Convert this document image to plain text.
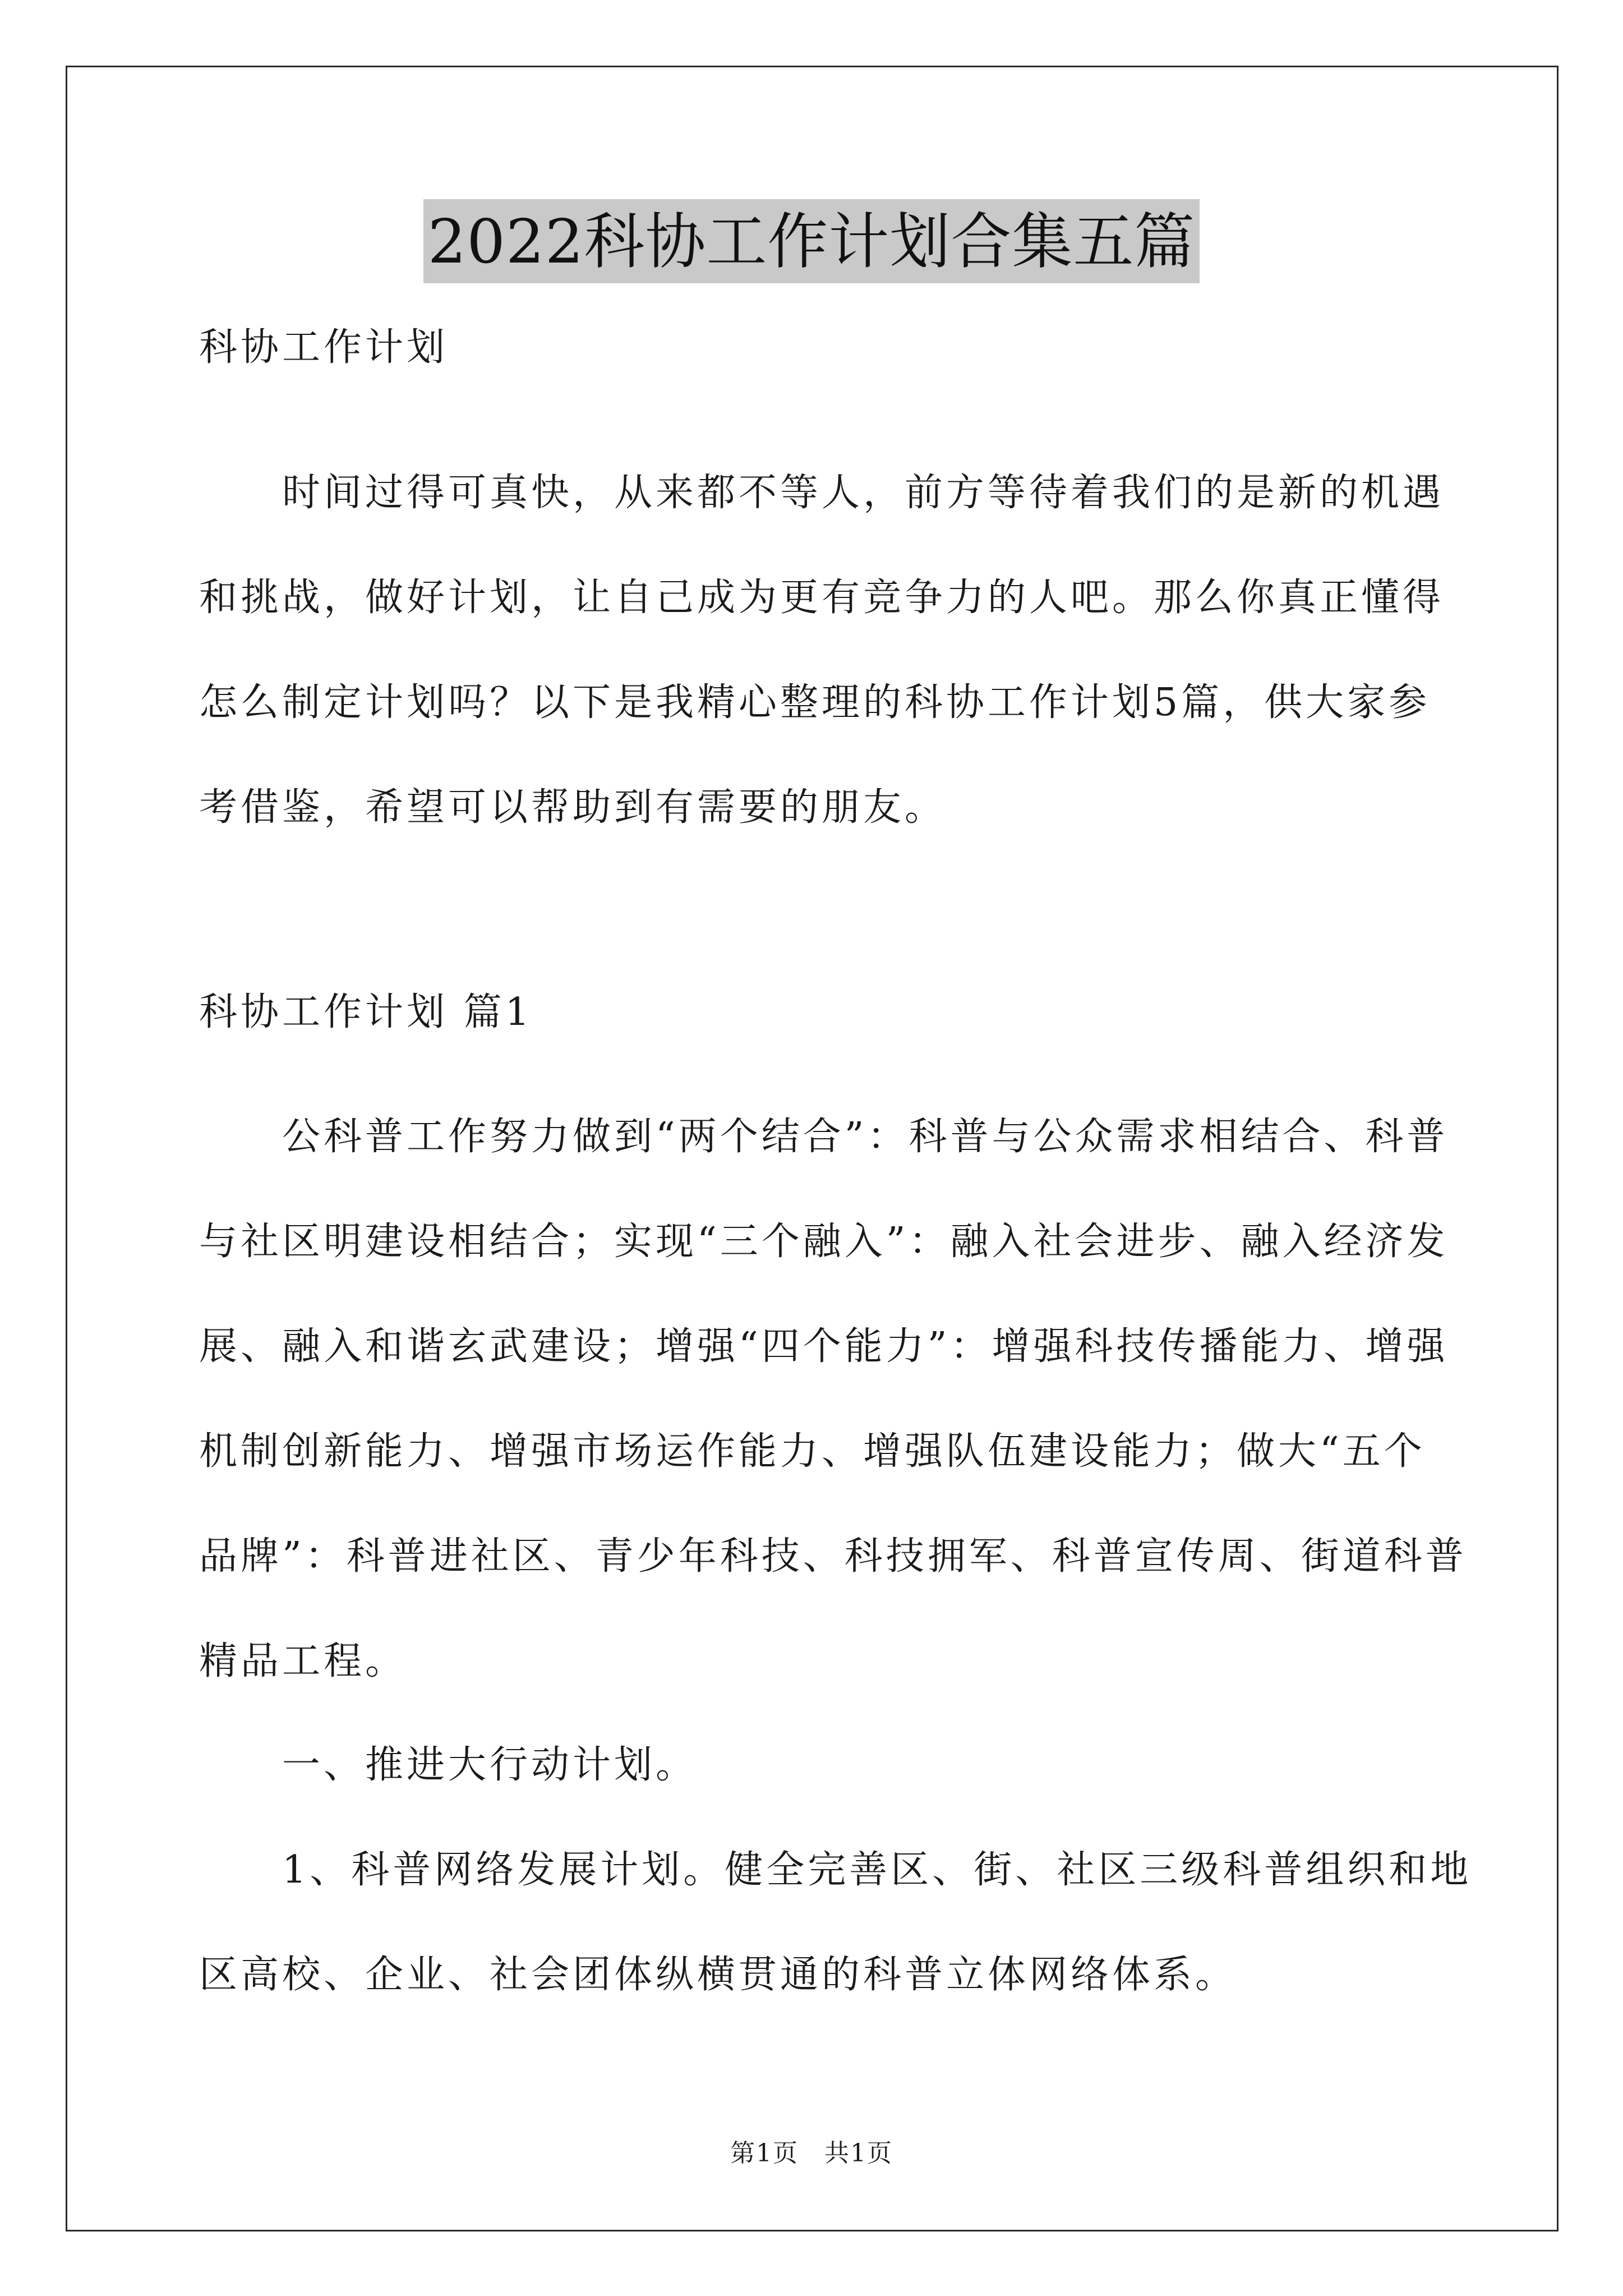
2022科协工作计划合集五篇
科协工作计划
时间过得可真快，从来都不等人，前方等待着我们的是新的机遇
和挑战，做好计划，让自己成为更有竞争力的人吧。那么你真正懂得
怎么制定计划吗？以下是我精心整理的科协工作计划5篇，供大家参
考借鉴，希望可以帮助到有需要的朋友。
科协工作计划 篇1
公科普工作努力做到“两个结合”：科普与公众需求相结合、科普
与社区明建设相结合；实现“三个融入”：融入社会进步、融入经济发
展、融入和谐玄武建设；增强“四个能力”：增强科技传播能力、增强
机制创新能力、增强市场运作能力、增强队伍建设能力；做大“五个
品牌”：科普进社区、青少年科技、科技拥军、科普宣传周、街道科普
精品工程。
一、推进大行动计划。
1、科普网络发展计划。健全完善区、街、社区三级科普组织和地
区高校、企业、社会团体纵横贯通的科普立体网络体系。
第1页　共1页
